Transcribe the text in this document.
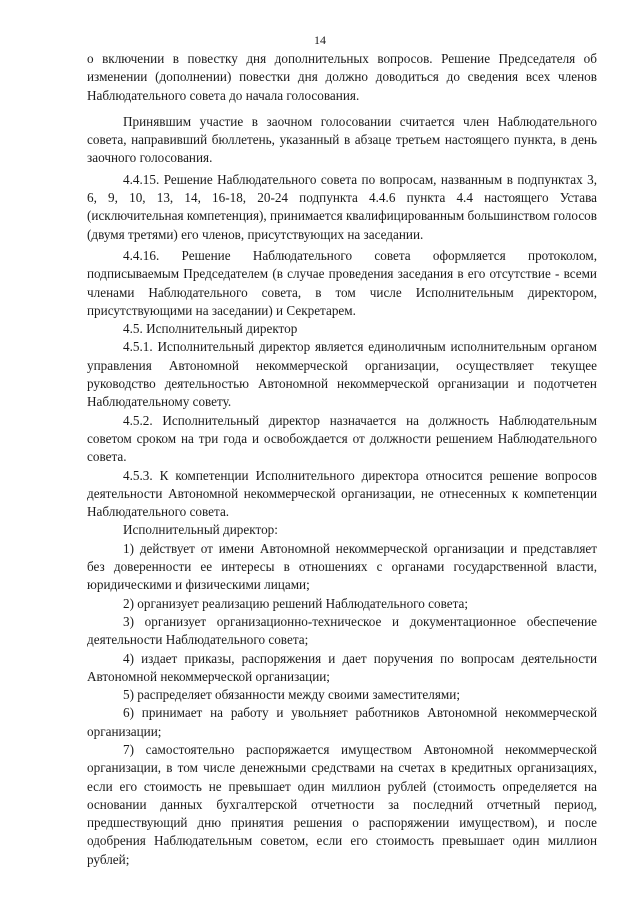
14

о включении в повестку дня дополнительных вопросов. Решение Председателя об изменении (дополнении) повестки дня должно доводиться до сведения всех членов Наблюдательного совета до начала голосования.

Принявшим участие в заочном голосовании считается член Наблюдательного совета, направивший бюллетень, указанный в абзаце третьем настоящего пункта, в день заочного голосования.

4.4.15. Решение Наблюдательного совета по вопросам, названным в подпунктах 3, 6, 9, 10, 13, 14, 16-18, 20-24 подпункта 4.4.6 пункта 4.4 настоящего Устава (исключительная компетенция), принимается квалифицированным большинством голосов (двумя третями) его членов, присутствующих на заседании.

4.4.16. Решение Наблюдательного совета оформляется протоколом, подписываемым Председателем (в случае проведения заседания в его отсутствие - всеми членами Наблюдательного совета, в том числе Исполнительным директором, присутствующими на заседании) и Секретарем.

4.5. Исполнительный директор

4.5.1. Исполнительный директор является единоличным исполнительным органом управления Автономной некоммерческой организации, осуществляет текущее руководство деятельностью Автономной некоммерческой организации и подотчетен Наблюдательному совету.

4.5.2. Исполнительный директор назначается на должность Наблюдательным советом сроком на три года и освобождается от должности решением Наблюдательного совета.

4.5.3. К компетенции Исполнительного директора относится решение вопросов деятельности Автономной некоммерческой организации, не отнесенных к компетенции Наблюдательного совета.

Исполнительный директор:

1) действует от имени Автономной некоммерческой организации и представляет без доверенности ее интересы в отношениях с органами государственной власти, юридическими и физическими лицами;

2) организует реализацию решений Наблюдательного совета;

3) организует организационно-техническое и документационное обеспечение деятельности Наблюдательного совета;

4) издает приказы, распоряжения и дает поручения по вопросам деятельности Автономной некоммерческой организации;

5) распределяет обязанности между своими заместителями;

6) принимает на работу и увольняет работников Автономной некоммерческой организации;

7) самостоятельно распоряжается имуществом Автономной некоммерческой организации, в том числе денежными средствами на счетах в кредитных организациях, если его стоимость не превышает один миллион рублей (стоимость определяется на основании данных бухгалтерской отчетности за последний отчетный период, предшествующий дню принятия решения о распоряжении имуществом), и после одобрения Наблюдательным советом, если его стоимость превышает один миллион рублей;
